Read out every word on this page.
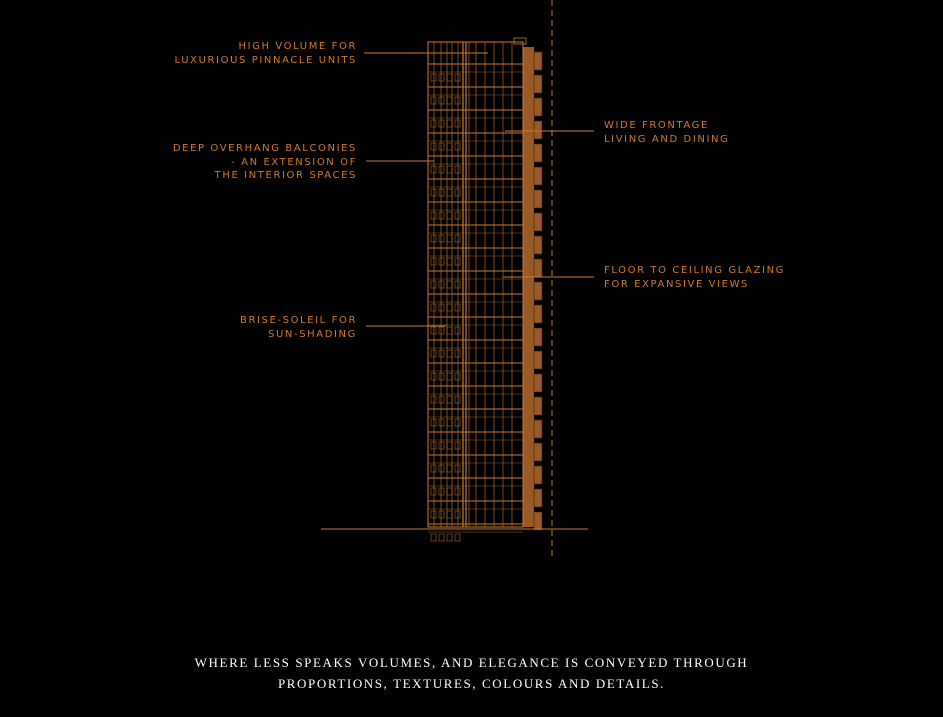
HIGH VOLUME FOR
LUXURIOUS PINNACLE UNITS
DEEP OVERHANG BALCONIES
- AN EXTENSION OF
THE INTERIOR SPACES
BRISE-SOLEIL FOR
SUN-SHADING
WIDE FRONTAGE
LIVING AND DINING
FLOOR TO CEILING GLAZING
FOR EXPANSIVE VIEWS
WHERE LESS SPEAKS VOLUMES, AND ELEGANCE IS CONVEYED THROUGH
PROPORTIONS, TEXTURES, COLOURS AND DETAILS.
